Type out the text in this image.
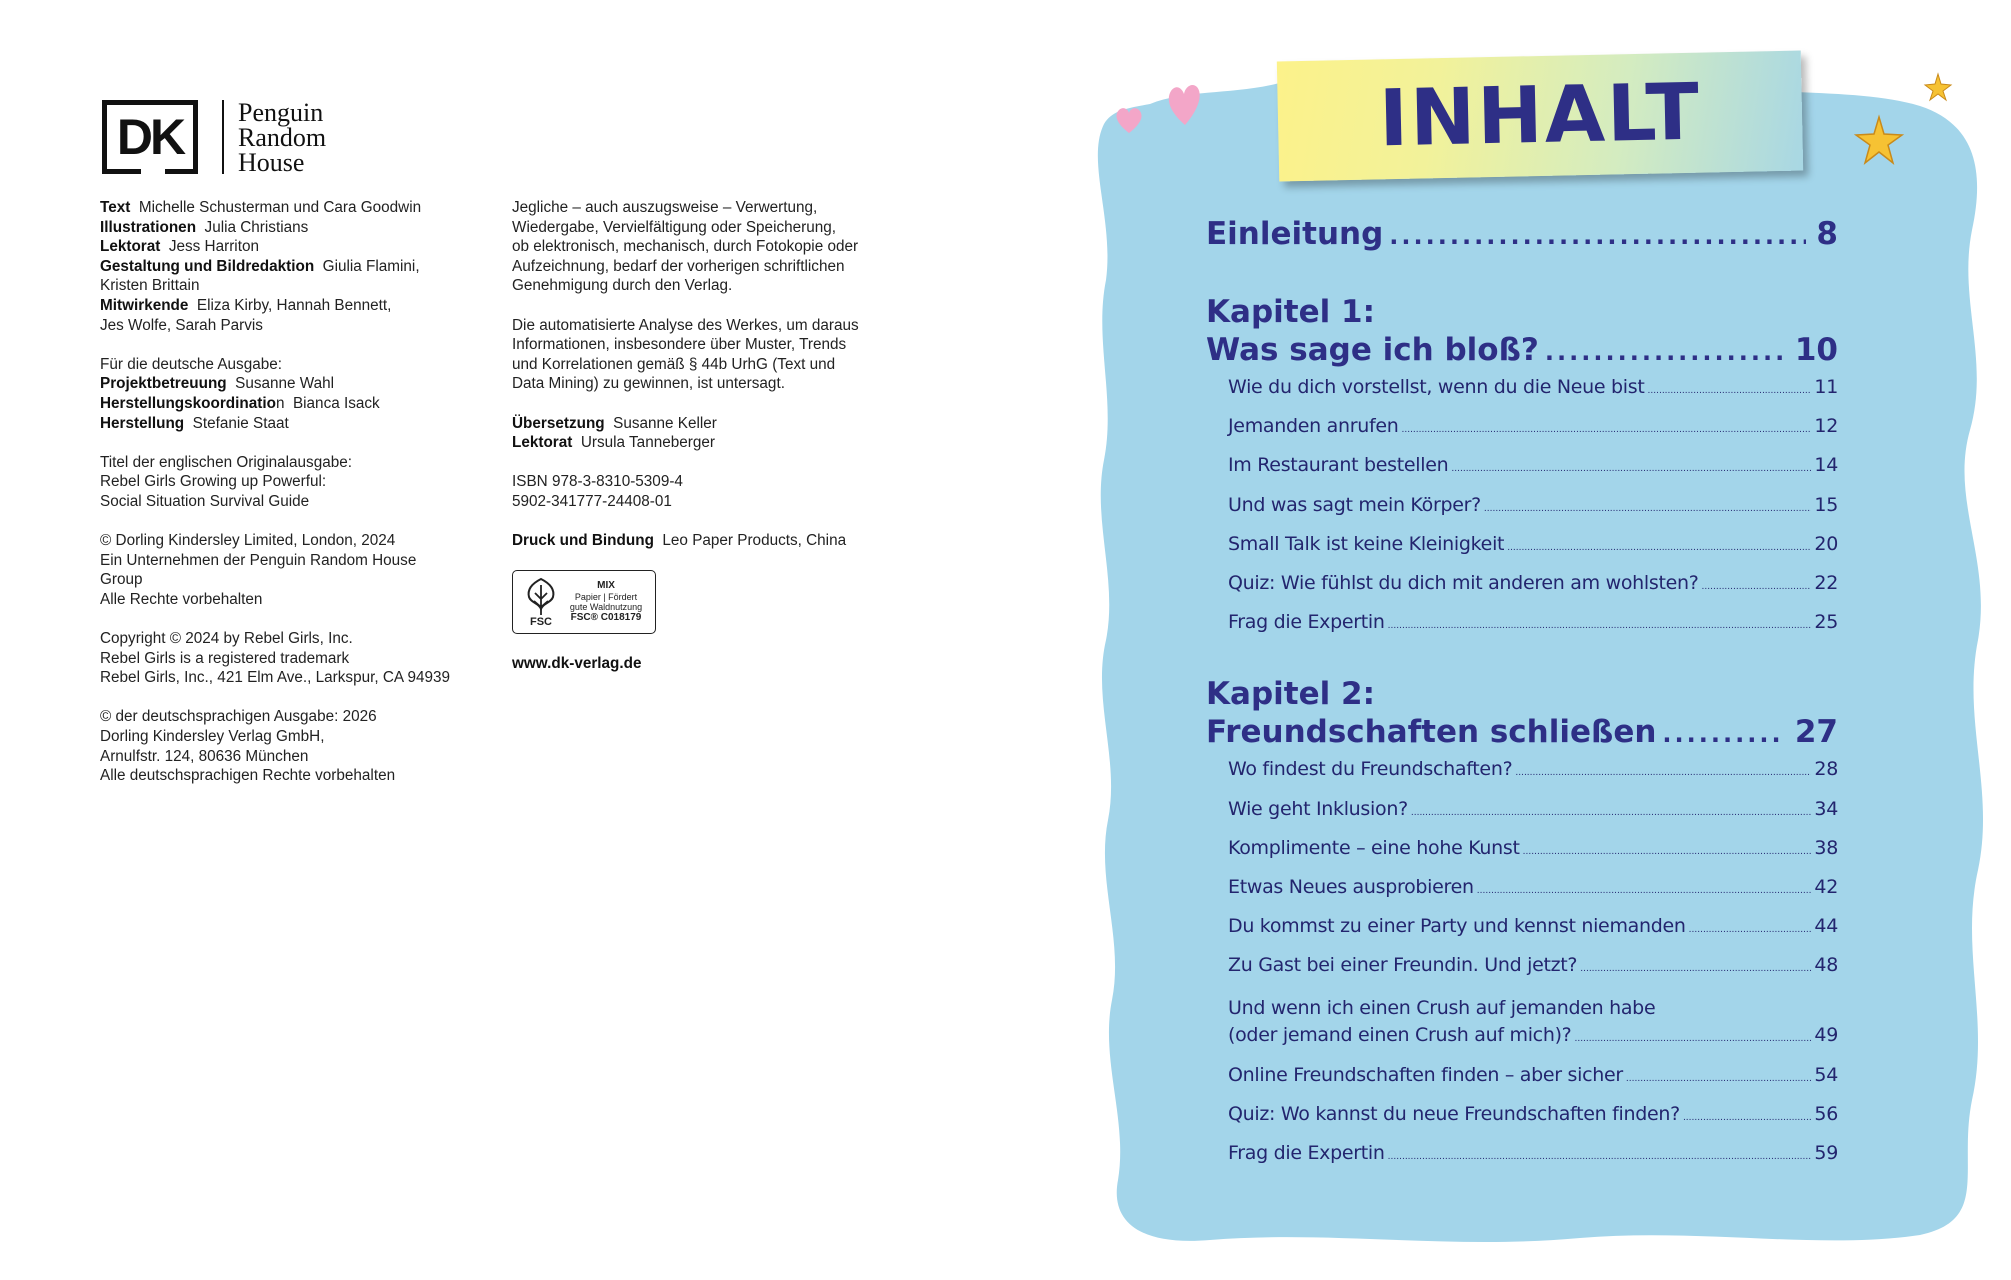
DK	Penguin
Random
House

Text Michelle Schusterman und Cara Goodwin
Illustrationen Julia Christians
Lektorat Jess Harriton
Gestaltung und Bildredaktion Giulia Flamini,
Kristen Brittain
Mitwirkende Eliza Kirby, Hannah Bennett,
Jes Wolfe, Sarah Parvis

Für die deutsche Ausgabe:
Projektbetreuung Susanne Wahl
Herstellungskoordination Bianca Isack
Herstellung Stefanie Staat

Titel der englischen Originalausgabe:
Rebel Girls Growing up Powerful:
Social Situation Survival Guide

© Dorling Kindersley Limited, London, 2024
Ein Unternehmen der Penguin Random House
Group
Alle Rechte vorbehalten

Copyright © 2024 by Rebel Girls, Inc.
Rebel Girls is a registered trademark
Rebel Girls, Inc., 421 Elm Ave., Larkspur, CA 94939

© der deutschsprachigen Ausgabe: 2026
Dorling Kindersley Verlag GmbH,
Arnulfstr. 124, 80636 München
Alle deutschsprachigen Rechte vorbehalten

Jegliche – auch auszugsweise – Verwertung,
Wiedergabe, Vervielfältigung oder Speicherung,
ob elektronisch, mechanisch, durch Fotokopie oder
Aufzeichnung, bedarf der vorherigen schriftlichen
Genehmigung durch den Verlag.

Die automatisierte Analyse des Werkes, um daraus
Informationen, insbesondere über Muster, Trends
und Korrelationen gemäß § 44b UrhG (Text und
Data Mining) zu gewinnen, ist untersagt.

Übersetzung Susanne Keller
Lektorat Ursula Tanneberger

ISBN 978-3-8310-5309-4
5902-341777-24408-01

Druck und Bindung Leo Paper Products, China

FSC
MIX
Papier | Fördert
gute Waldnutzung
FSC® C018179

www.dk-verlag.de

INHALT
Einleitung .....	8
Kapitel 1:
Was sage ich bloß? .....	10
Wie du dich vorstellst, wenn du die Neue bist .....	11
Jemanden anrufen .....	12
Im Restaurant bestellen .....	14
Und was sagt mein Körper? .....	15
Small Talk ist keine Kleinigkeit .....	20
Quiz: Wie fühlst du dich mit anderen am wohlsten? .....	22
Frag die Expertin .....	25
Kapitel 2:
Freundschaften schließen .....	27
Wo findest du Freundschaften? .....	28
Wie geht Inklusion? .....	34
Komplimente – eine hohe Kunst .....	38
Etwas Neues ausprobieren .....	42
Du kommst zu einer Party und kennst niemanden .....	44
Zu Gast bei einer Freundin. Und jetzt? .....	48
Und wenn ich einen Crush auf jemanden habe
(oder jemand einen Crush auf mich)? .....	49
Online Freundschaften finden – aber sicher .....	54
Quiz: Wo kannst du neue Freundschaften finden? .....	56
Frag die Expertin .....	59
